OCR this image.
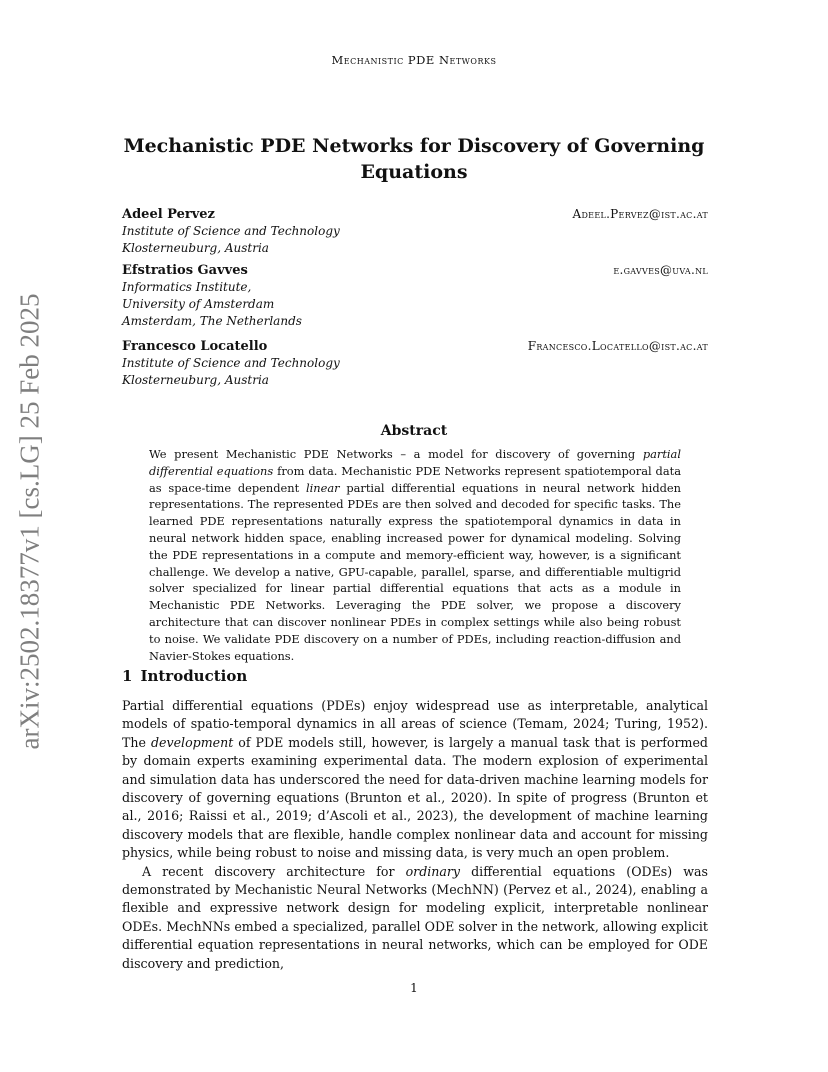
Mechanistic PDE Networks
arXiv:2502.18377v1 [cs.LG] 25 Feb 2025
Mechanistic PDE Networks for Discovery of Governing Equations
Adeel Pervez	Adeel.Pervez@ist.ac.at
Institute of Science and Technology
Klosterneuburg, Austria
Efstratios Gavves	e.gavves@uva.nl
Informatics Institute,
University of Amsterdam
Amsterdam, The Netherlands
Francesco Locatello	Francesco.Locatello@ist.ac.at
Institute of Science and Technology
Klosterneuburg, Austria
Abstract
We present Mechanistic PDE Networks – a model for discovery of governing partial differential equations from data. Mechanistic PDE Networks represent spatiotemporal data as space-time dependent linear partial differential equations in neural network hidden representations. The represented PDEs are then solved and decoded for specific tasks. The learned PDE representations naturally express the spatiotemporal dynamics in data in neural network hidden space, enabling increased power for dynamical modeling. Solving the PDE representations in a compute and memory-efficient way, however, is a significant challenge. We develop a native, GPU-capable, parallel, sparse, and differentiable multigrid solver specialized for linear partial differential equations that acts as a module in Mechanistic PDE Networks. Leveraging the PDE solver, we propose a discovery architecture that can discover nonlinear PDEs in complex settings while also being robust to noise. We validate PDE discovery on a number of PDEs, including reaction-diffusion and Navier-Stokes equations.
1 Introduction

Partial differential equations (PDEs) enjoy widespread use as interpretable, analytical models of spatio-temporal dynamics in all areas of science (Temam, 2024; Turing, 1952). The development of PDE models still, however, is largely a manual task that is performed by domain experts examining experimental data. The modern explosion of experimental and simulation data has underscored the need for data-driven machine learning models for discovery of governing equations (Brunton et al., 2020). In spite of progress (Brunton et al., 2016; Raissi et al., 2019; d’Ascoli et al., 2023), the development of machine learning discovery models that are flexible, handle complex nonlinear data and account for missing physics, while being robust to noise and missing data, is very much an open problem.

A recent discovery architecture for ordinary differential equations (ODEs) was demonstrated by Mechanistic Neural Networks (MechNN) (Pervez et al., 2024), enabling a flexible and expressive network design for modeling explicit, interpretable nonlinear ODEs. MechNNs embed a specialized, parallel ODE solver in the network, allowing explicit differential equation representations in neural networks, which can be employed for ODE discovery and prediction,

1
